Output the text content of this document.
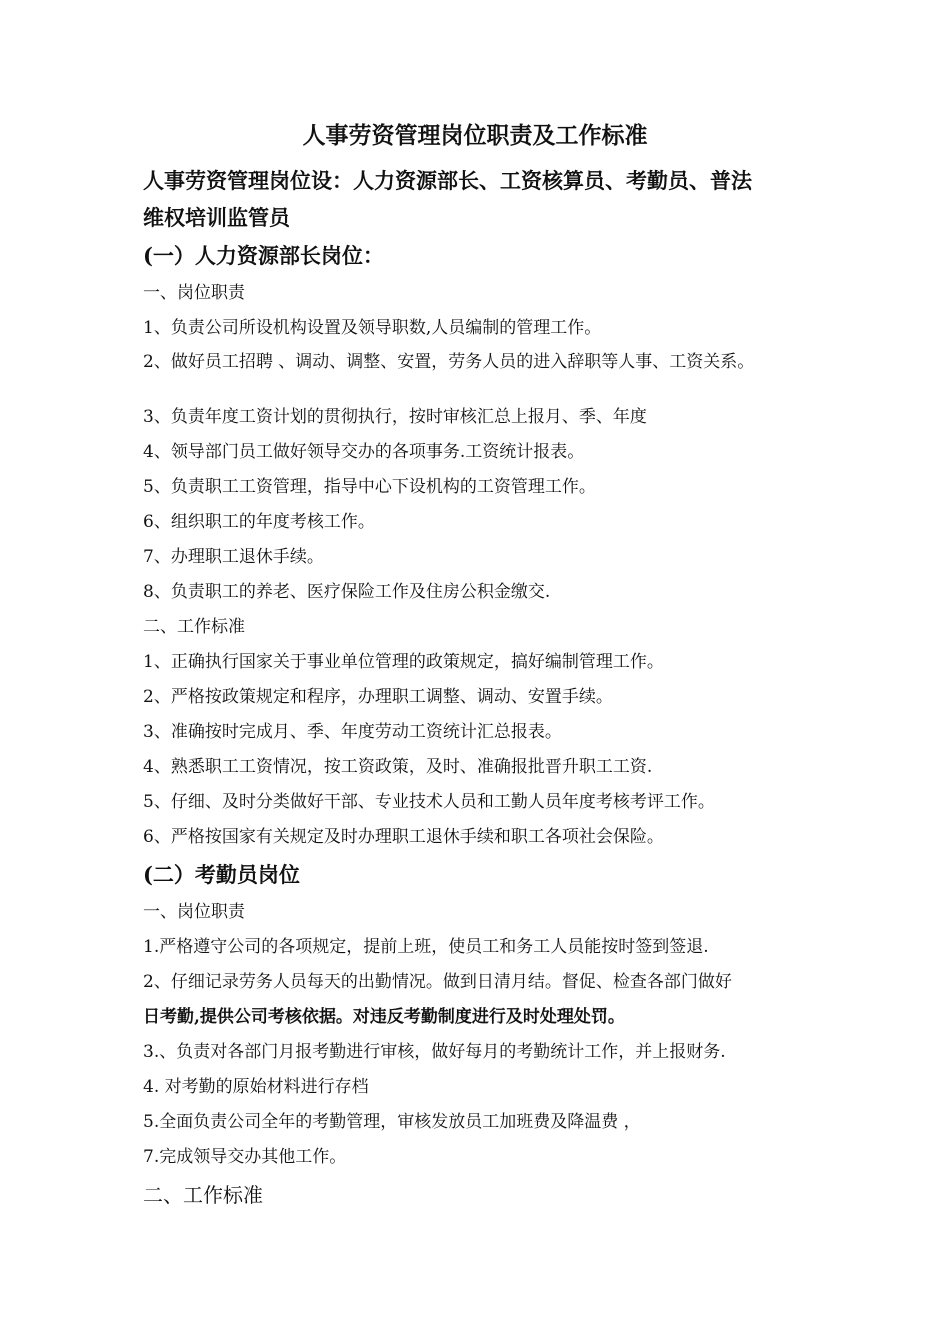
人事劳资管理岗位职责及工作标准
人事劳资管理岗位设：人力资源部长、工资核算员、考勤员、普法
维权培训监管员
(一）人力资源部长岗位：
一、岗位职责
1、负责公司所设机构设置及领导职数,人员编制的管理工作。
2、做好员工招聘 、调动、调整、安置，劳务人员的进入辞职等人事、工资关系。
3、负责年度工资计划的贯彻执行，按时审核汇总上报月、季、年度
4、领导部门员工做好领导交办的各项事务.工资统计报表。
5、负责职工工资管理，指导中心下设机构的工资管理工作。
6、组织职工的年度考核工作。
7、办理职工退休手续。
8、负责职工的养老、医疗保险工作及住房公积金缴交.
二、工作标准
1、正确执行国家关于事业单位管理的政策规定，搞好编制管理工作。
2、严格按政策规定和程序，办理职工调整、调动、安置手续。
3、准确按时完成月、季、年度劳动工资统计汇总报表。
4、熟悉职工工资情况，按工资政策，及时、准确报批晋升职工工资.
5、仔细、及时分类做好干部、专业技术人员和工勤人员年度考核考评工作。
6、严格按国家有关规定及时办理职工退休手续和职工各项社会保险。
(二）考勤员岗位
一、岗位职责
1.严格遵守公司的各项规定，提前上班，使员工和务工人员能按时签到签退.
2、仔细记录劳务人员每天的出勤情况。做到日清月结。督促、检查各部门做好
日考勤,提供公司考核依据。对违反考勤制度进行及时处理处罚。
3.、负责对各部门月报考勤进行审核，做好每月的考勤统计工作，并上报财务.
4. 对考勤的原始材料进行存档
5.全面负责公司全年的考勤管理，审核发放员工加班费及降温费 ，
7.完成领导交办其他工作。
二、工作标准
